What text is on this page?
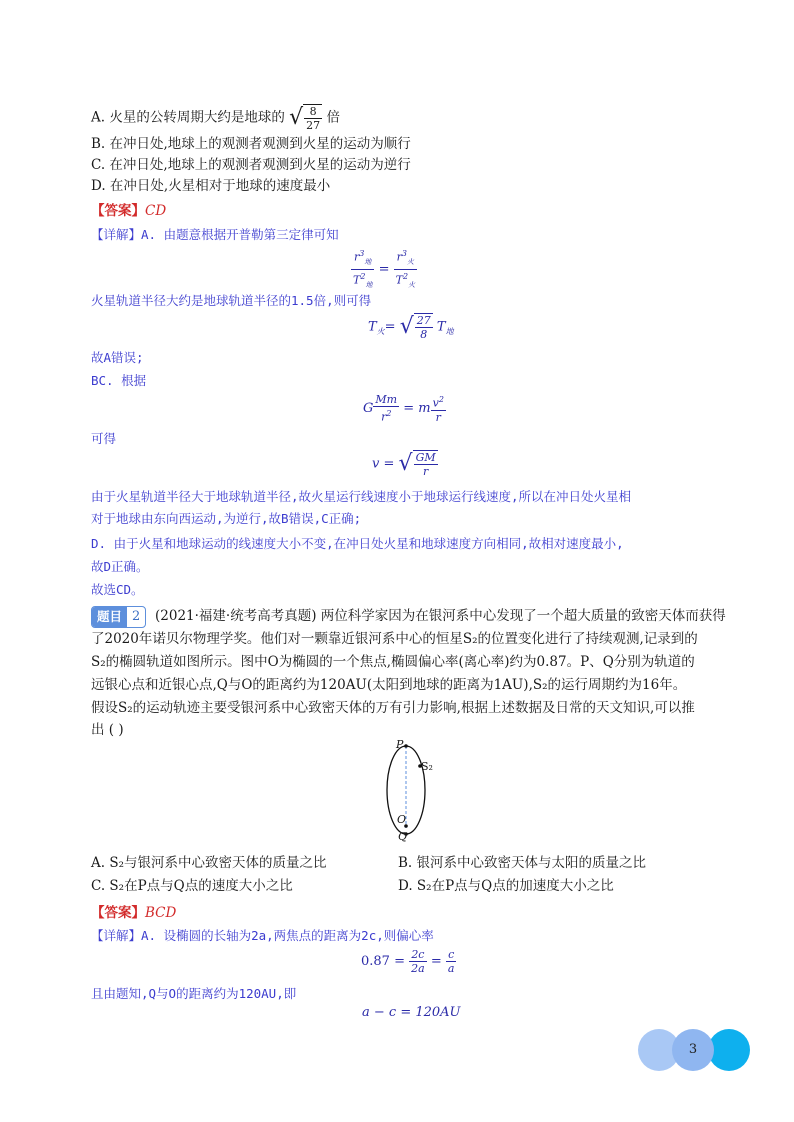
A. 火星的公转周期大约是地球的 √ $\frac{8}{27}$ 倍
B. 在冲日处,地球上的观测者观测到火星的运动为顺行
C. 在冲日处,地球上的观测者观测到火星的运动为逆行
D. 在冲日处,火星相对于地球的速度最小
【答案】CD
【详解】A. 由题意根据开普勒第三定律可知
$\frac{r^3_地}{T^2_地} = \frac{r^3_火}{T^2_火}$
火星轨道半径大约是地球轨道半径的1.5倍,则可得
$T_火=$ √ $\frac{27}{8} T_地$
故A错误;
BC. 根据
G $\frac{Mm}{r^2} = m \frac{v^2}{r}$
可得
v = √ $\frac{GM}{r}$
由于火星轨道半径大于地球轨道半径,故火星运行线速度小于地球运行线速度,所以在冲日处火星相
对于地球由东向西运动,为逆行,故B错误,C正确;
D. 由于火星和地球运动的线速度大小不变,在冲日处火星和地球速度方向相同,故相对速度最小,
故D正确。
故选CD。
题目 2	(2021·福建·统考高考真题) 两位科学家因为在银河系中心发现了一个超大质量的致密天体而获得
了2020年诺贝尔物理学奖。他们对一颗靠近银河系中心的恒星S₂的位置变化进行了持续观测,记录到的
S₂的椭圆轨道如图所示。图中O为椭圆的一个焦点,椭圆偏心率(离心率)约为0.87。P、Q分别为轨道的
远银心点和近银心点,Q与O的距离约为120AU(太阳到地球的距离为1AU),S₂的运行周期约为16年。
假设S₂的运动轨迹主要受银河系中心致密天体的万有引力影响,根据上述数据及日常的天文知识,可以推
出 ( )
P
S₂
O
Q
A. S₂与银河系中心致密天体的质量之比	B. 银河系中心致密天体与太阳的质量之比
C. S₂在P点与Q点的速度大小之比	D. S₂在P点与Q点的加速度大小之比
【答案】BCD
【详解】A. 设椭圆的长轴为2a,两焦点的距离为2c,则偏心率
$0.87 = \frac{2c}{2a} = \frac{c}{a}$
且由题知,Q与O的距离约为120AU,即
a − c = 120AU
3
